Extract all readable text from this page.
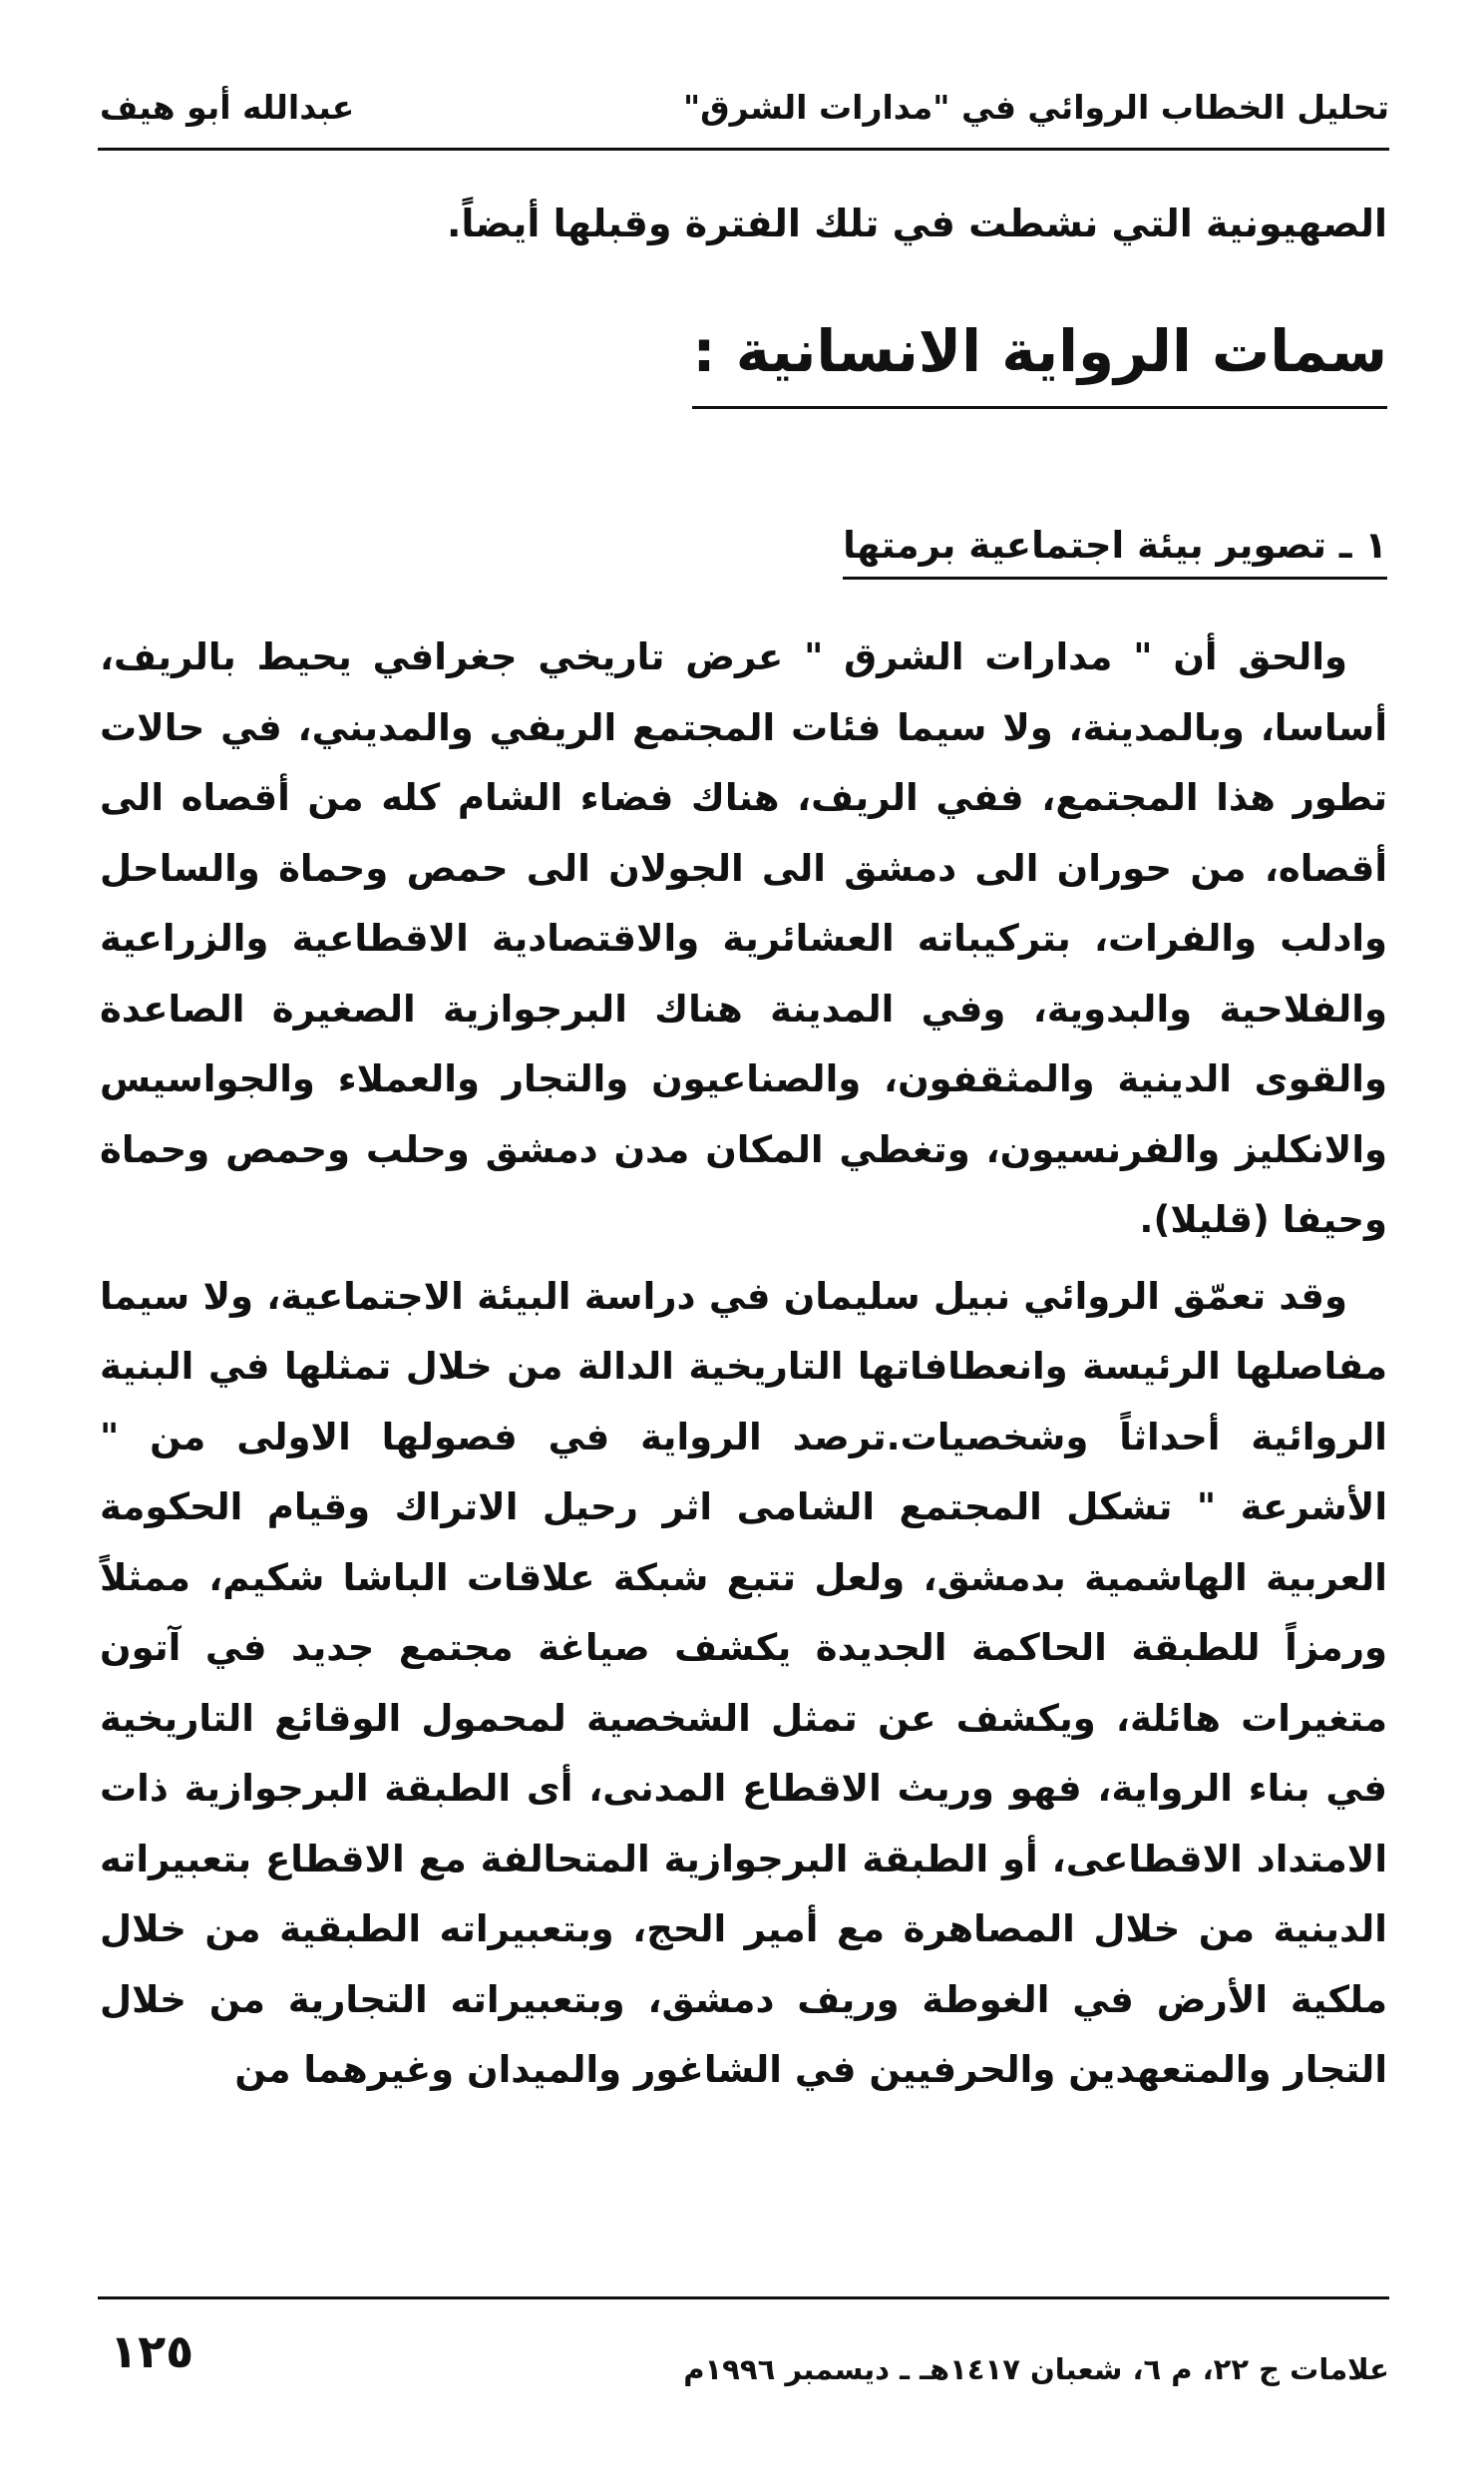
تحليل الخطاب الروائي في "مدارات الشرق"
عبدالله أبو هيف

الصهيونية التي نشطت في تلك الفترة وقبلها أيضاً.

سمات الرواية الانسانية :
١ ـ تصوير بيئة اجتماعية برمتها

والحق أن " مدارات الشرق " عرض تاريخي جغرافي يحيط بالريف، أساسا، وبالمدينة، ولا سيما فئات المجتمع الريفي والمديني، في حالات تطور هذا المجتمع، ففي الريف، هناك فضاء الشام كله من أقصاه الى أقصاه، من حوران الى دمشق الى الجولان الى حمص وحماة والساحل وادلب والفرات، بتركيباته العشائرية والاقتصادية الاقطاعية والزراعية والفلاحية والبدوية، وفي المدينة هناك البرجوازية الصغيرة الصاعدة والقوى الدينية والمثقفون، والصناعيون والتجار والعملاء والجواسيس والانكليز والفرنسيون، وتغطي المكان مدن دمشق وحلب وحمص وحماة وحيفا (قليلا).

وقد تعمّق الروائي نبيل سليمان في دراسة البيئة الاجتماعية، ولا سيما مفاصلها الرئيسة وانعطافاتها التاريخية الدالة من خلال تمثلها في البنية الروائية أحداثاً وشخصيات.ترصد الرواية في فصولها الاولى من " الأشرعة " تشكل المجتمع الشامى اثر رحيل الاتراك وقيام الحكومة العربية الهاشمية بدمشق، ولعل تتبع شبكة علاقات الباشا شكيم، ممثلاً ورمزاً للطبقة الحاكمة الجديدة يكشف صياغة مجتمع جديد في آتون متغيرات هائلة، ويكشف عن تمثل الشخصية لمحمول الوقائع التاريخية في بناء الرواية، فهو وريث الاقطاع المدنى، أى الطبقة البرجوازية ذات الامتداد الاقطاعى، أو الطبقة البرجوازية المتحالفة مع الاقطاع بتعبيراته الدينية من خلال المصاهرة مع أمير الحج، وبتعبيراته الطبقية من خلال ملكية الأرض في الغوطة وريف دمشق، وبتعبيراته التجارية من خلال التجار والمتعهدين والحرفيين في الشاغور والميدان وغيرهما من

علامات ج ٢٢، م ٦، شعبان ١٤١٧هـ ـ ديسمبر ١٩٩٦م
١٢٥
